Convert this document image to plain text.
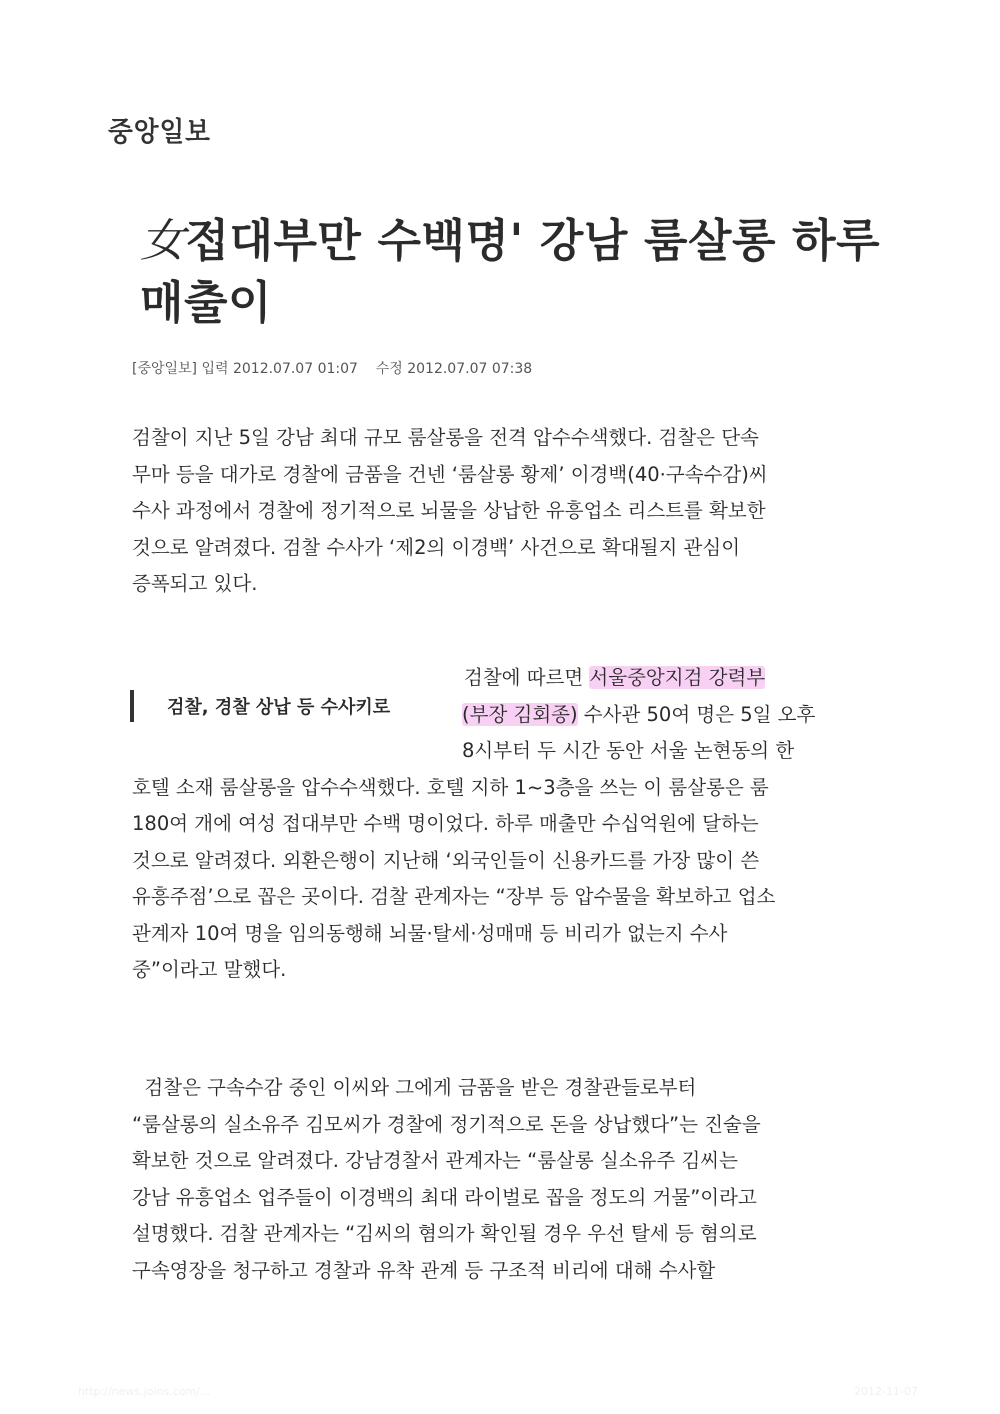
중앙일보
女접대부만 수백명' 강남 룸살롱 하루
매출이
[중앙일보] 입력 2012.07.07 01:07    수정 2012.07.07 07:38
검찰이 지난 5일 강남 최대 규모 룸살롱을 전격 압수수색했다. 검찰은 단속
무마 등을 대가로 경찰에 금품을 건넨 ‘룸살롱 황제’ 이경백(40·구속수감)씨
수사 과정에서 경찰에 정기적으로 뇌물을 상납한 유흥업소 리스트를 확보한
것으로 알려졌다. 검찰 수사가 ‘제2의 이경백’ 사건으로 확대될지 관심이
증폭되고 있다.
검찰, 경찰 상납 등 수사키로
검찰에 따르면 서울중앙지검 강력부
(부장 김회종) 수사관 50여 명은 5일 오후
8시부터 두 시간 동안 서울 논현동의 한
호텔 소재 룸살롱을 압수수색했다. 호텔 지하 1~3층을 쓰는 이 룸살롱은 룸
180여 개에 여성 접대부만 수백 명이었다. 하루 매출만 수십억원에 달하는
것으로 알려졌다. 외환은행이 지난해 ‘외국인들이 신용카드를 가장 많이 쓴
유흥주점’으로 꼽은 곳이다. 검찰 관계자는 “장부 등 압수물을 확보하고 업소
관계자 10여 명을 임의동행해 뇌물·탈세·성매매 등 비리가 없는지 수사
중”이라고 말했다.
검찰은 구속수감 중인 이씨와 그에게 금품을 받은 경찰관들로부터
“룸살롱의 실소유주 김모씨가 경찰에 정기적으로 돈을 상납했다”는 진술을
확보한 것으로 알려졌다. 강남경찰서 관계자는 “룸살롱 실소유주 김씨는
강남 유흥업소 업주들이 이경백의 최대 라이벌로 꼽을 정도의 거물”이라고
설명했다. 검찰 관계자는 “김씨의 혐의가 확인될 경우 우선 탈세 등 혐의로
구속영장을 청구하고 경찰과 유착 관계 등 구조적 비리에 대해 수사할
http://news.joins.com/...	2012-11-07
